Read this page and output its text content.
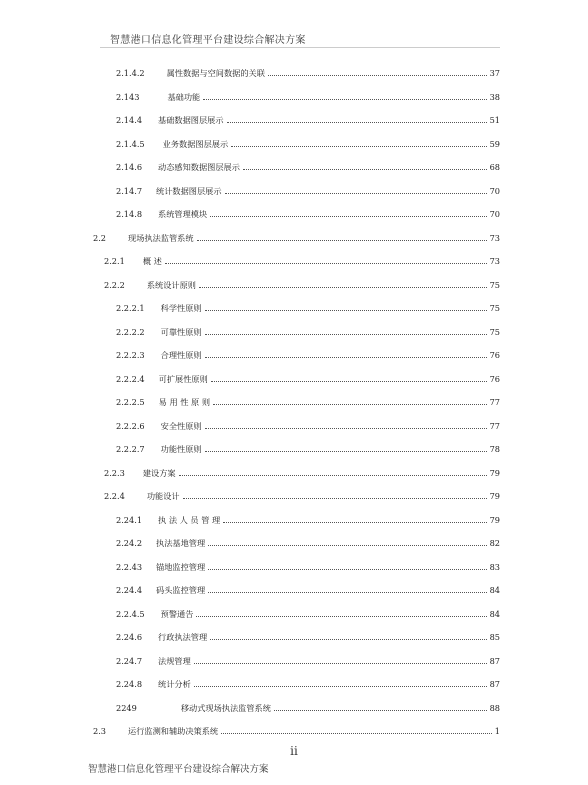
智慧港口信息化管理平台建设综合解决方案
2.1.4.2	属性数据与空间数据的关联	37
2.143	基础功能	38
2.14.4 基础数据图层展示	51
2.1.4.5 业务数据图层展示	59
2.14.6 动态感知数据图层展示	68
2.14.7 统计数据图层展示	70
2.14.8 系统管理模块	70
2.2	现场执法监管系统	73
2.2.1 概 述	73
2.2.2	系统设计原则	75
2.2.2.1 科学性原则	75
2.2.2.2 可靠性原则	75
2.2.2.3 合理性原则	76
2.2.2.4 可扩展性原则	76
2.2.2.5 易 用 性 原 则	77
2.2.2.6 安全性原则	77
2.2.2.7 功能性原则	78
2.2.3 建设方案	79
2.2.4	功能设计	79
2.24.1 执 法 人 员 管 理	79
2.24.2 执法基地管理	82
2.2.43 锚地监控管理	83
2.24.4 码头监控管理	84
2.2.4.5 预警通告	84
2.24.6 行政执法管理	85
2.24.7 法规管理	87
2.24.8 统计分析	87
2249	移动式现场执法监管系统	88
2.3	运行监测和辅助决策系统	1
ii
智慧港口信息化管理平台建设综合解决方案
